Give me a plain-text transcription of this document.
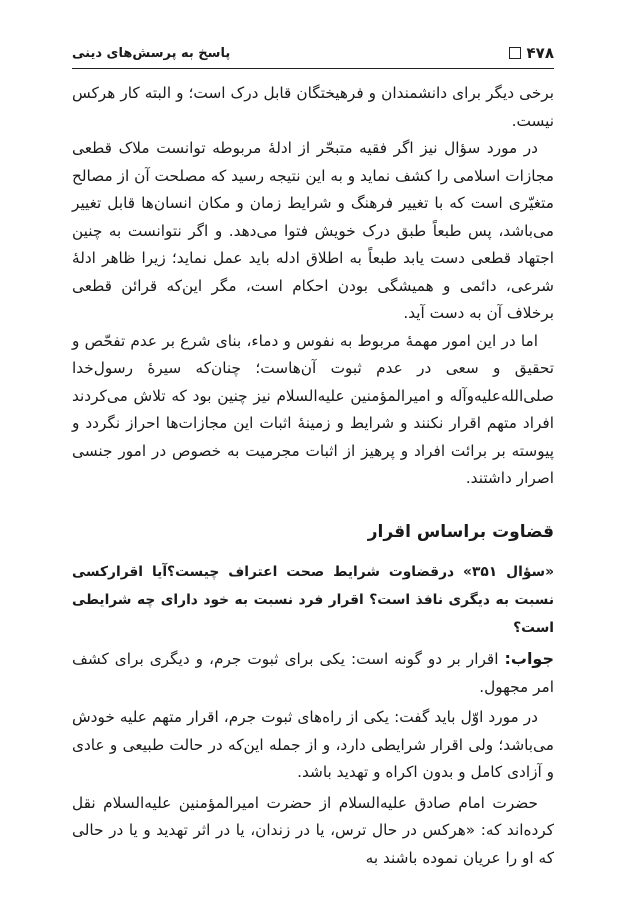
۴۷۸
پاسخ به پرسش‌های دینی

برخی دیگر برای دانشمندان و فرهیختگان قابل درک است؛ و البته کار هرکس نیست.

در مورد سؤال نیز اگر فقیه متبحّر از ادلهٔ مربوطه توانست ملاک قطعی مجازات اسلامی را کشف نماید و به این نتیجه رسید که مصلحت آن از مصالح متغیّری است که با تغییر فرهنگ و شرایط زمان و مکان انسان‌ها قابل تغییر می‌باشد، پس طبعاً طبق درک خویش فتوا می‌دهد. و اگر نتوانست به چنین اجتهاد قطعی دست یابد طبعاً به اطلاق ادله باید عمل نماید؛ زیرا ظاهر ادلهٔ شرعی، دائمی و همیشگی بودن احکام است، مگر این‌که قرائن قطعی برخلاف آن به دست آید.

اما در این امور مهمهٔ مربوط به نفوس و دماء، بنای شرع بر عدم تفحّص و تحقیق و سعی در عدم ثبوت آن‌هاست؛ چنان‌که سیرهٔ رسول‌خدا صلی‌الله‌علیه‌وآله و امیرالمؤمنین علیه‌السلام نیز چنین بود که تلاش می‌کردند افراد متهم اقرار نکنند و شرایط و زمینهٔ اثبات این مجازات‌ها احراز نگردد و پیوسته بر برائت افراد و پرهیز از اثبات مجرمیت به خصوص در امور جنسی اصرار داشتند.

قضاوت براساس اقرار

«سؤال ۳۵۱» درقضاوت شرایط صحت اعتراف چیست؟آیا اقرارکسی نسبت به دیگری نافذ است؟ اقرار فرد نسبت به خود دارای چه شرایطی است؟

جواب: اقرار بر دو گونه است: یکی برای ثبوت جرم، و دیگری برای کشف امر مجهول.

در مورد اوّل باید گفت: یکی از راه‌های ثبوت جرم، اقرار متهم علیه خودش می‌باشد؛ ولی اقرار شرایطی دارد، و از جمله این‌که در حالت طبیعی و عادی و آزادی کامل و بدون اکراه و تهدید باشد.

حضرت امام صادق علیه‌السلام از حضرت امیرالمؤمنین علیه‌السلام نقل کرده‌اند که: «هرکس در حال ترس، یا در زندان، یا در اثر تهدید و یا در حالی که او را عریان نموده باشند به
